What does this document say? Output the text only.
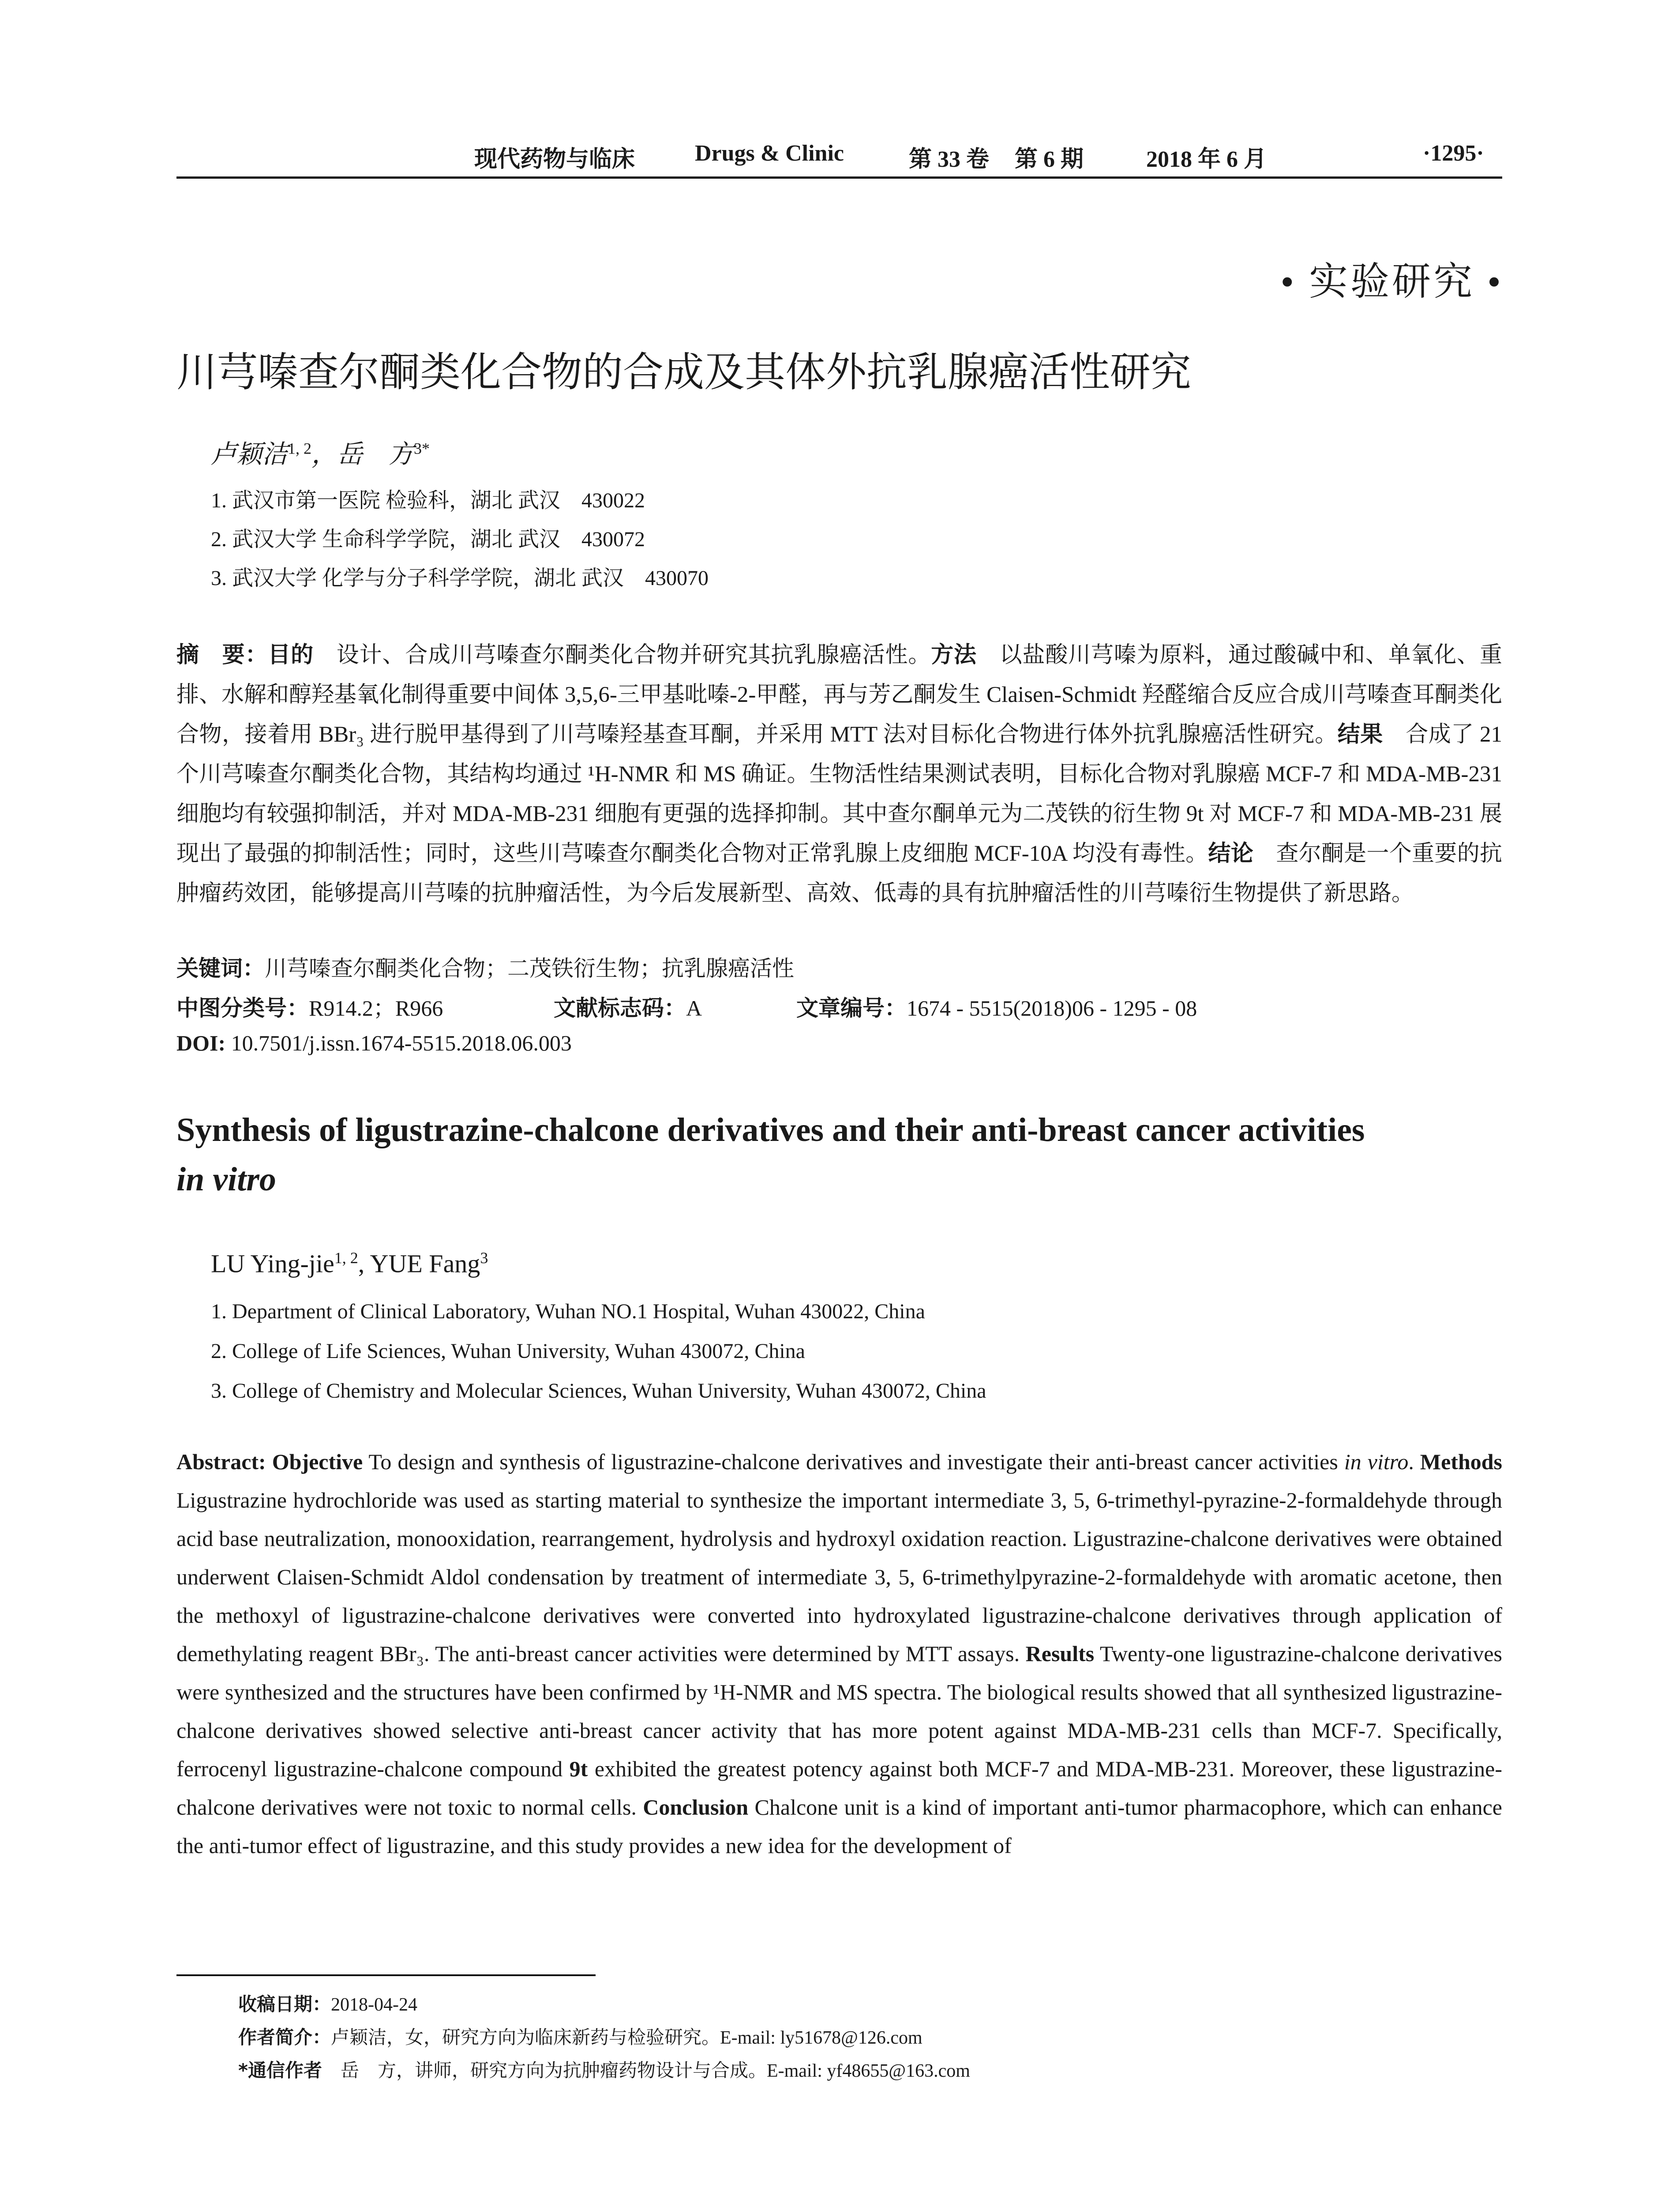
现代药物与临床	Drugs & Clinic	第 33 卷 第 6 期	2018 年 6 月	·1295·
• 实验研究 •
川芎嗪查尔酮类化合物的合成及其体外抗乳腺癌活性研究
卢颖洁$^{1, 2}$，岳　方$^{3*}$
1. 武汉市第一医院 检验科，湖北 武汉　430022
2. 武汉大学 生命科学学院，湖北 武汉　430072
3. 武汉大学 化学与分子科学学院，湖北 武汉　430070
摘　要：目的　设计、合成川芎嗪查尔酮类化合物并研究其抗乳腺癌活性。方法　以盐酸川芎嗪为原料，通过酸碱中和、单氧化、重排、水解和醇羟基氧化制得重要中间体 3,5,6-三甲基吡嗪-2-甲醛，再与芳乙酮发生 Claisen-Schmidt 羟醛缩合反应合成川芎嗪查耳酮类化合物，接着用 BBr₃ 进行脱甲基得到了川芎嗪羟基查耳酮，并采用 MTT 法对目标化合物进行体外抗乳腺癌活性研究。结果　合成了 21 个川芎嗪查尔酮类化合物，其结构均通过 ¹H-NMR 和 MS 确证。生物活性结果测试表明，目标化合物对乳腺癌 MCF-7 和 MDA-MB-231 细胞均有较强抑制活，并对 MDA-MB-231 细胞有更强的选择抑制。其中查尔酮单元为二茂铁的衍生物 9t 对 MCF-7 和 MDA-MB-231 展现出了最强的抑制活性；同时，这些川芎嗪查尔酮类化合物对正常乳腺上皮细胞 MCF-10A 均没有毒性。结论　查尔酮是一个重要的抗肿瘤药效团，能够提高川芎嗪的抗肿瘤活性，为今后发展新型、高效、低毒的具有抗肿瘤活性的川芎嗪衍生物提供了新思路。
关键词：川芎嗪查尔酮类化合物；二茂铁衍生物；抗乳腺癌活性
中图分类号：R914.2；R966	文献标志码：A	文章编号：1674 - 5515(2018)06 - 1295 - 08
DOI: 10.7501/j.issn.1674-5515.2018.06.003
Synthesis of ligustrazine-chalcone derivatives and their anti-breast cancer activities
in vitro
LU Ying-jie$^{1, 2}$, YUE Fang$^3$
1. Department of Clinical Laboratory, Wuhan NO.1 Hospital, Wuhan 430022, China
2. College of Life Sciences, Wuhan University, Wuhan 430072, China
3. College of Chemistry and Molecular Sciences, Wuhan University, Wuhan 430072, China
Abstract: Objective To design and synthesis of ligustrazine-chalcone derivatives and investigate their anti-breast cancer activities in vitro. Methods Ligustrazine hydrochloride was used as starting material to synthesize the important intermediate 3, 5, 6-trimethyl-pyrazine-2-formaldehyde through acid base neutralization, monooxidation, rearrangement, hydrolysis and hydroxyl oxidation reaction. Ligustrazine-chalcone derivatives were obtained underwent Claisen-Schmidt Aldol condensation by treatment of intermediate 3, 5, 6-trimethylpyrazine-2-formaldehyde with aromatic acetone, then the methoxyl of ligustrazine-chalcone derivatives were converted into hydroxylated ligustrazine-chalcone derivatives through application of demethylating reagent BBr₃. The anti-breast cancer activities were determined by MTT assays. Results Twenty-one ligustrazine-chalcone derivatives were synthesized and the structures have been confirmed by ¹H-NMR and MS spectra. The biological results showed that all synthesized ligustrazine-chalcone derivatives showed selective anti-breast cancer activity that has more potent against MDA-MB-231 cells than MCF-7. Specifically, ferrocenyl ligustrazine-chalcone compound 9t exhibited the greatest potency against both MCF-7 and MDA-MB-231. Moreover, these ligustrazine-chalcone derivatives were not toxic to normal cells. Conclusion Chalcone unit is a kind of important anti-tumor pharmacophore, which can enhance the anti-tumor effect of ligustrazine, and this study provides a new idea for the development of
收稿日期：2018-04-24
作者简介：卢颖洁，女，研究方向为临床新药与检验研究。E-mail: ly51678@126.com
*通信作者　岳　方，讲师，研究方向为抗肿瘤药物设计与合成。E-mail: yf48655@163.com
